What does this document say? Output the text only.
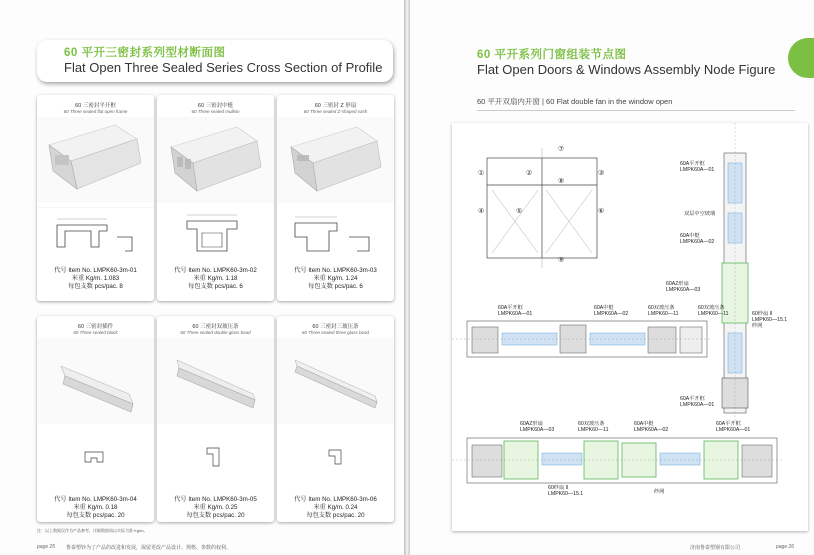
60 平开三密封系列型材断面图
Flat Open Three Sealed Series Cross Section of Profile
60 三密封平开框
60 Three sealed flat open frame
代号 Item No. LMPK60-3m-01
米重 Kg/m. 1.083
每包支数 pcs/pac. 8
60 三密封中梃
60 Three sealed mullion
代号 Item No. LMPK60-3m-02
米重 Kg/m. 1.18
每包支数 pcs/pac. 6
60 三密封 Z 形扇
60 Three sealed Z-shaped sash
代号 Item No. LMPK60-3m-03
米重 Kg/m. 1.24
每包支数 pcs/pac. 6
60 三密封插件
60 Three sealed block
代号 Item No. LMPK60-3m-04
米重 Kg/m. 0.18
每包支数 pcs/pac. 20
60 三密封双玻压条
60 Three sealed double glass bead
代号 Item No. LMPK60-3m-05
米重 Kg/m. 0.25
每包支数 pcs/pac. 20
60 三密封三玻压条
60 Three sealed three glass bead
代号 Item No. LMPK60-3m-06
米重 Kg/m. 0.24
每包支数 pcs/pac. 20
注：以上数据仅作为产品参考，详细数据请以实际为准 Kg/m。
page 25 鲁泰塑钞为了产品的改进和发展，保留更改产品设计、规格、参数的权利。
60 平开系列门窗组装节点图
Flat Open Doors & Windows Assembly Node Figure
60 平开双扇内开窗 | 60 Flat double fan in the window open
①	②	③
④	⑤	⑥
⑦
⑧
⑨
60A平开框
LMPK60A—01
双层中空玻璃
60A中梃
LMPK60A—02
60AZ形扇
LMPK60A—03
60A平开框
LMPK60A—01
60A平开框
LMPK60A—01
60A中梃
LMPK60A—02
60双玻压条
LMPK60—11
60双玻压条
LMPK60—11	60纱扇 II
LMPK60—15.1
纱网
60AZ形扇
LMPK60A—03
60双玻压条
LMPK60—11
60A中梃
LMPK60A—02
60A平开框
LMPK60A—01
60纱扇 II
LMPK60—15.1	纱网
济南鲁泰塑钢有限公司	page 26
